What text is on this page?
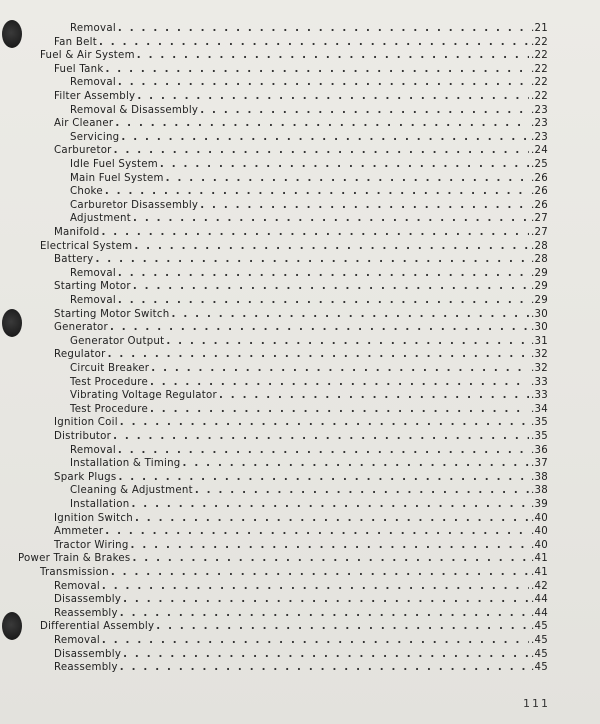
Removal . . .	.21
Fan Belt . . .	.22
Fuel & Air System . . .	.22
Fuel Tank . . .	.22
Removal . . .	.22
Filter Assembly . . .	.22
Removal & Disassembly . . .	.23
Air Cleaner . . .	.23
Servicing . . .	.23
Carburetor . . .	.24
Idle Fuel System . . .	.25
Main Fuel System . . .	.26
Choke . . .	.26
Carburetor Disassembly . . .	.26
Adjustment . . .	.27
Manifold . . .	.27
Electrical System . . .	.28
Battery . . .	.28
Removal . . .	.29
Starting Motor . . .	.29
Removal . . .	.29
Starting Motor Switch . . .	.30
Generator . . .	.30
Generator Output . . .	.31
Regulator . . .	.32
Circuit Breaker . . .	.32
Test Procedure . . .	.33
Vibrating Voltage Regulator . . .	.33
Test Procedure . . .	.34
Ignition Coil . . .	.35
Distributor . . .	.35
Removal . . .	.36
Installation & Timing . . .	.37
Spark Plugs . . .	.38
Cleaning & Adjustment . . .	.38
Installation . . .	.39
Ignition Switch . . .	.40
Ammeter . . .	.40
Tractor Wiring . . .	.40
Power Train & Brakes . . .	.41
Transmission . . .	.41
Removal . . .	.42
Disassembly . . .	.44
Reassembly . . .	.44
Differential Assembly . . .	.45
Removal . . .	.45
Disassembly . . .	.45
Reassembly . . .	.45
111
